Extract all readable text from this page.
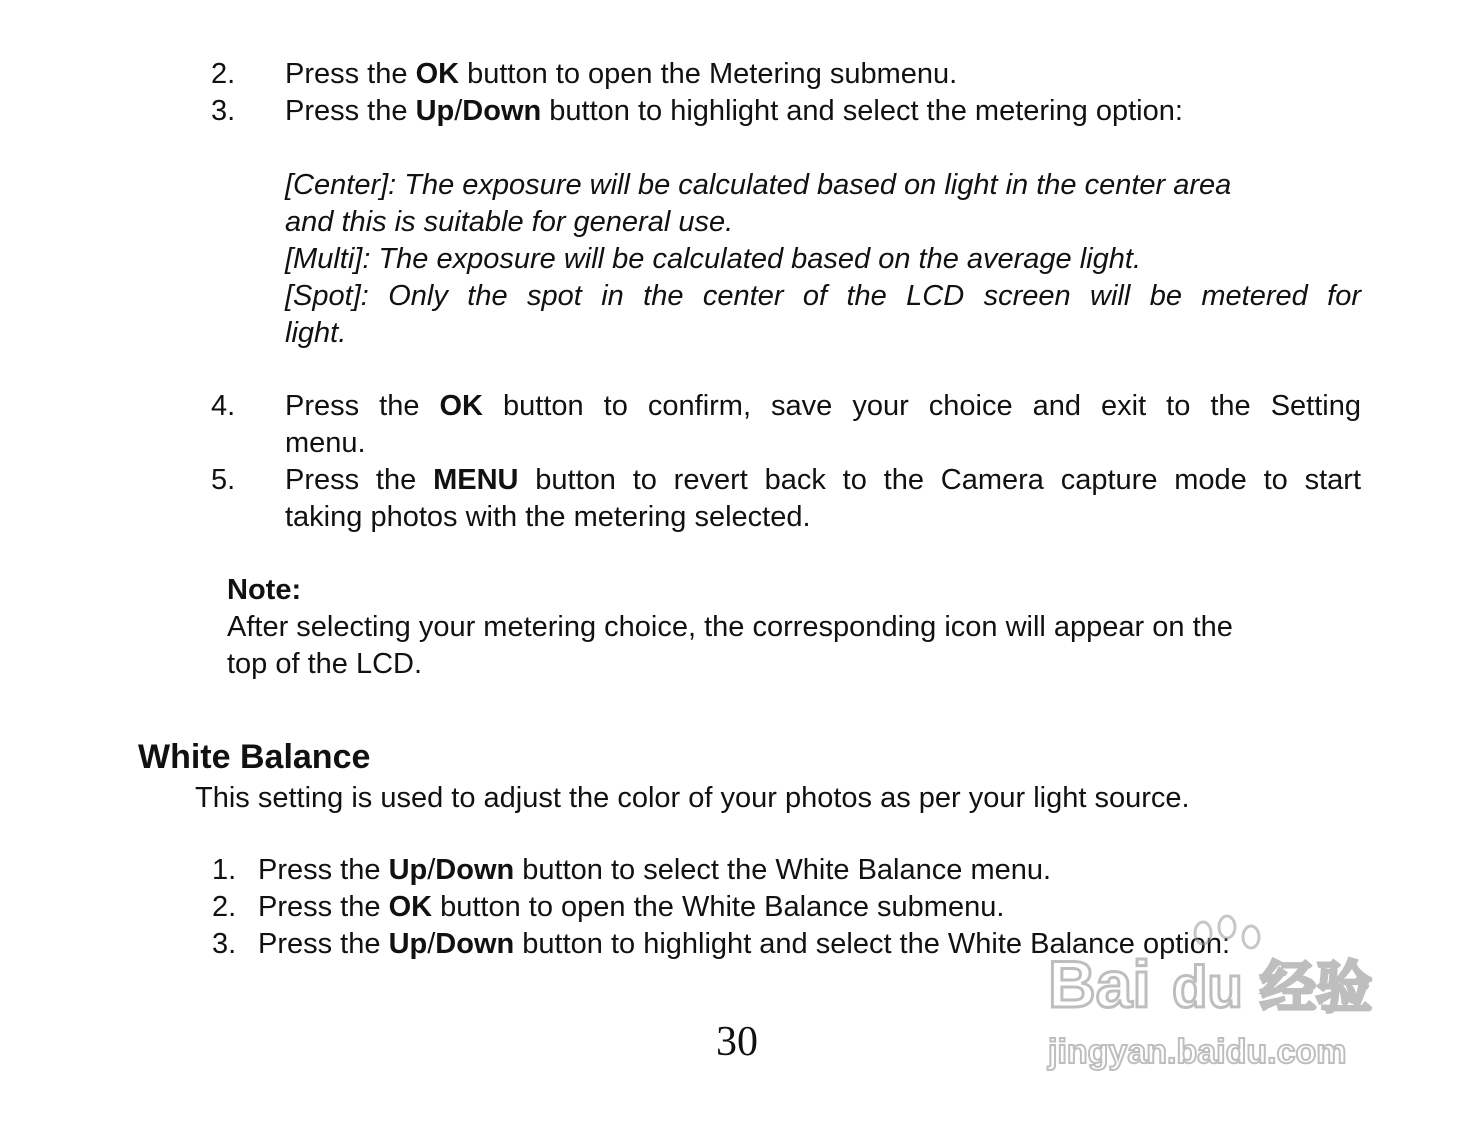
2. Press the OK button to open the Metering submenu.
3. Press the Up/Down button to highlight and select the metering option:
[Center]: The exposure will be calculated based on light in the center area
and this is suitable for general use.
[Multi]: The exposure will be calculated based on the average light.
[Spot]: Only the spot in the center of the LCD screen will be metered for
light.
4. Press the OK button to confirm, save your choice and exit to the Setting
menu.
5. Press the MENU button to revert back to the Camera capture mode to start
taking photos with the metering selected.
Note:
After selecting your metering choice, the corresponding icon will appear on the
top of the LCD.
White Balance
This setting is used to adjust the color of your photos as per your light source.
1. Press the Up/Down button to select the White Balance menu.
2. Press the OK button to open the White Balance submenu.
3. Press the Up/Down button to highlight and select the White Balance option:
30
Bai du 经验
jingyan.baidu.com
